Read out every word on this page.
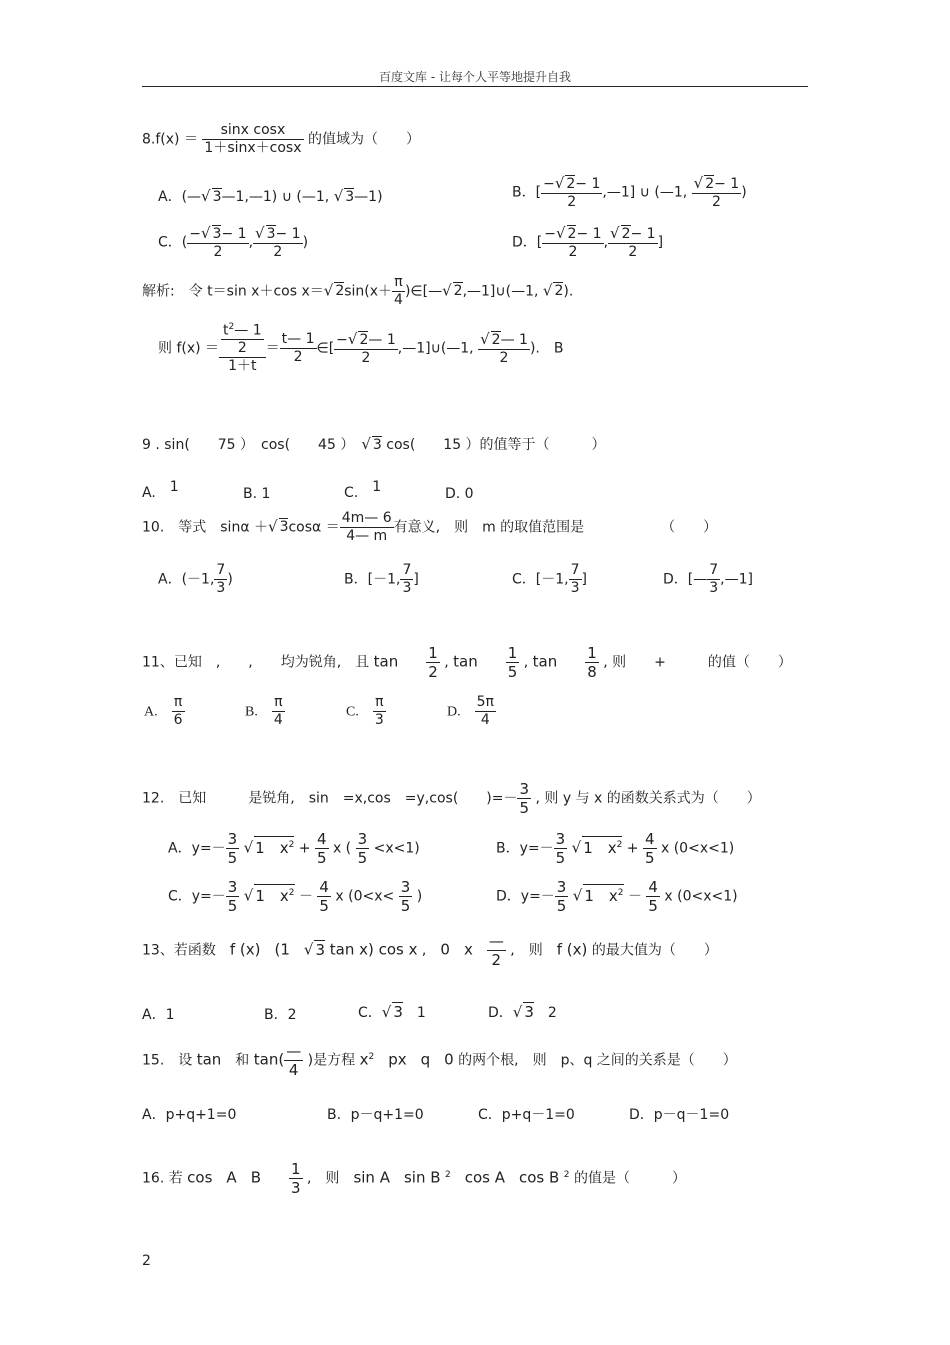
百度文库 - 让每个人平等地提升自我
$8.f(x) = \frac{\text{sinx cosx}}{1+\sin x+\cos x}$ 的值域为（　　）
A．(—√ 3—1,—1) ∪ (—1, √ 3—1)	B．[ $\frac{-√ 2- 1}{2}$ ,—1] ∪ (—1, $\frac{√ 2- 1}{2}$ )
C．( $\frac{-√ 3- 1}{2}$ , $\frac{√ 3- 1}{2}$ )	D．[ $\frac{-√ 2- 1}{2}$ , $\frac{√ 2- 1}{2}$ ]
解析:　令 t＝sin x＋cos x＝√ $2\sin(x+ \frac{\pi}{4}$ )∈[—√ 2,—1]∪(—1, √ 2).
则 $f(x) = \frac{\frac{t^2— 1}{2}}{1+t} = \frac{t— 1}{2}$ ∈[ $\frac{-√ 2— 1}{2}$ ,—1]∪(—1, $\frac{√ 2— 1}{2}$ ).　B
9 . sin(　　75 ）　cos(　　45 ）　√ 3 cos(　　15 ）的值等于（　　　）
A.　1	B. 1	C.　1	D. 0
10.　等式　sinα ＋√ $3\cos\alpha = \frac{4m— 6}{4— m}$ 有意义,　则　m 的取值范围是　　　　　　（　　）
A．(－1, $\frac{7}{3}$ )	B．[－1, $\frac{7}{3}$ ]	C．[－1, $\frac{7}{3}$ ]	D．[— $\frac{7}{3}$ ,—1]
11、已知　,　　,　　均为锐角,　且 tan　　 $\frac{1}{2}$ , tan　　 $\frac{1}{5}$ , tan　　 $\frac{1}{8}$ , 则　　+　　　的值（　　）
A.　 $\frac{\pi}{6}$	B.　 $\frac{\pi}{4}$	C.　 $\frac{\pi}{3}$	D.　 $\frac{5\pi}{4}$
12.　已知　　　是锐角,　sin　=x,cos　=y,cos(　　)=－ $\frac{3}{5}$ , 则 y 与 x 的函数关系式为（　　）
A．$y=- \frac{3}{5}$ √ 1　$x^2 + \frac{4}{5}$ x ( $\frac{3}{5} <x<1$)	B．$y=- \frac{3}{5}$ √ 1　$x^2 + \frac{4}{5}$ x (0<x<1)
C．$y=- \frac{3}{5}$ √ 1　$x^2 - \frac{4}{5}$ x ($0<x< \frac{3}{5}$ )	D．$y=- \frac{3}{5}$ √ 1　$x^2 - \frac{4}{5}$ x (0<x<1)
13、若函数　f (x)　 (1　 √ 3 tan x) cos x ,　0　 x　 $\frac{—}{2}$ ,　则　f (x) 的最大值为（　　）
A．1	B．2	C．√ 3　1	D．√ 3　2
15.　设 tan　和 $\tan( \frac{—}{4}$ )是方程 $x^2$　 px　 q　 0 的两个根,　则　p、q 之间的关系是（　　）
A．p+q+1=0	B．p－q+1=0	C．p+q－1=0	D．p－q－1=0
16. 若 cos　 A　 B　　 $\frac{1}{3}$ ,　则　sin A　 sin B $^2$　 cos A　 cos B $^2$ 的值是（　　　）
2
